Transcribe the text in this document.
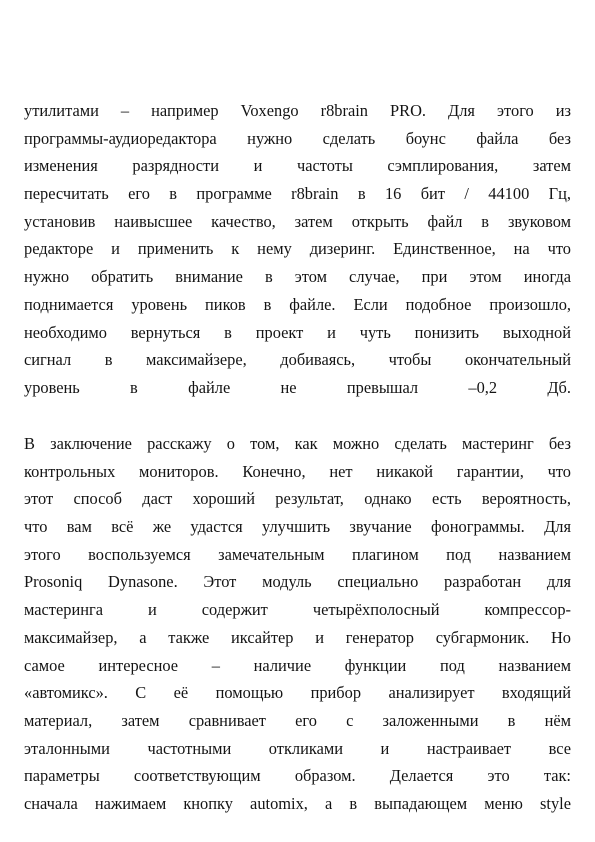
утилитами – например Voxengo r8brain PRO. Для этого из
программы-аудиоредактора нужно сделать боунс файла без
изменения разрядности и частоты сэмплирования, затем
пересчитать его в программе r8brain в 16 бит / 44100 Гц,
установив наивысшее качество, затем открыть файл в звуковом
редакторе и применить к нему дизеринг. Единственное, на что
нужно обратить внимание в этом случае, при этом иногда
поднимается уровень пиков в файле. Если подобное произошло,
необходимо вернуться в проект и чуть понизить выходной
сигнал в максимайзере, добиваясь, чтобы окончательный
уровень в файле не превышал –0,2 Дб.
В заключение расскажу о том, как можно сделать мастеринг без
контрольных мониторов. Конечно, нет никакой гарантии, что
этот способ даст хороший результат, однако есть вероятность,
что вам всё же удастся улучшить звучание фонограммы. Для
этого воспользуемся замечательным плагином под названием
Prosoniq Dynasone. Этот модуль специально разработан для
мастеринга и содержит четырёхполосный компрессор-
максимайзер, а также иксайтер и генератор субгармоник. Но
самое интересное – наличие функции под названием
«автомикс». С её помощью прибор анализирует входящий
материал, затем сравнивает его с заложенными в нём
эталонными частотными откликами и настраивает все
параметры соответствующим образом. Делается это так:
сначала нажимаем кнопку automix, а в выпадающем меню style
